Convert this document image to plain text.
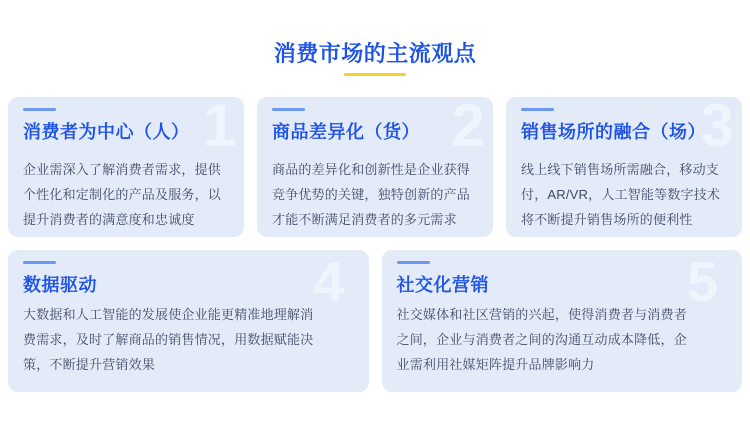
消费市场的主流观点
1
消费者为中心（人）

企业需深入了解消费者需求，提供个性化和定制化的产品及服务，以提升消费者的满意度和忠诚度

2
商品差异化（货）

商品的差异化和创新性是企业获得竞争优势的关键，独特创新的产品才能不断满足消费者的多元需求

3
销售场所的融合（场）

线上线下销售场所需融合，移动支付，AR/VR，人工智能等数字技术将不断提升销售场所的便利性

4
数据驱动

大数据和人工智能的发展使企业能更精准地理解消费需求，及时了解商品的销售情况，用数据赋能决策，不断提升营销效果

5
社交化营销

社交媒体和社区营销的兴起，使得消费者与消费者之间，企业与消费者之间的沟通互动成本降低，企业需利用社媒矩阵提升品牌影响力
